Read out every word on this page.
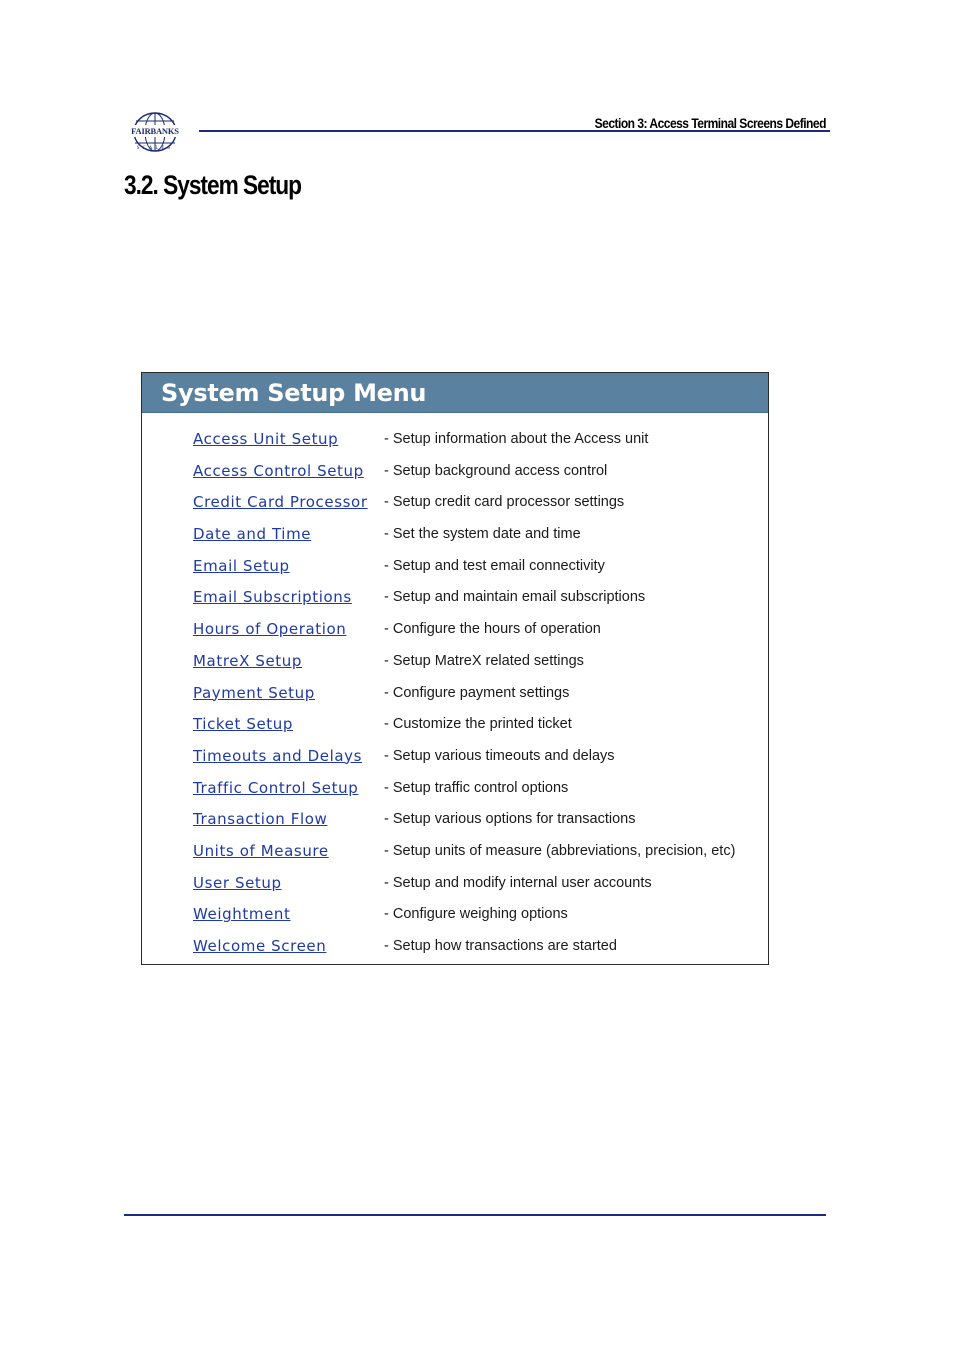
FAIRBANKS
SCALES
Section 3: Access Terminal Screens Defined
3.2. System Setup
System Setup Menu
Access Unit Setup	- Setup information about the Access unit
Access Control Setup - Setup background access control
Credit Card Processor - Setup credit card processor settings
Date and Time	- Set the system date and time
Email Setup	- Setup and test email connectivity
Email Subscriptions - Setup and maintain email subscriptions
Hours of Operation	- Configure the hours of operation
MatreX Setup	- Setup MatreX related settings
Payment Setup	- Configure payment settings
Ticket Setup	- Customize the printed ticket
Timeouts and Delays - Setup various timeouts and delays
Traffic Control Setup - Setup traffic control options
Transaction Flow	- Setup various options for transactions
Units of Measure	- Setup units of measure (abbreviations, precision, etc)
User Setup	- Setup and modify internal user accounts
Weightment	- Configure weighing options
Welcome Screen	- Setup how transactions are started
